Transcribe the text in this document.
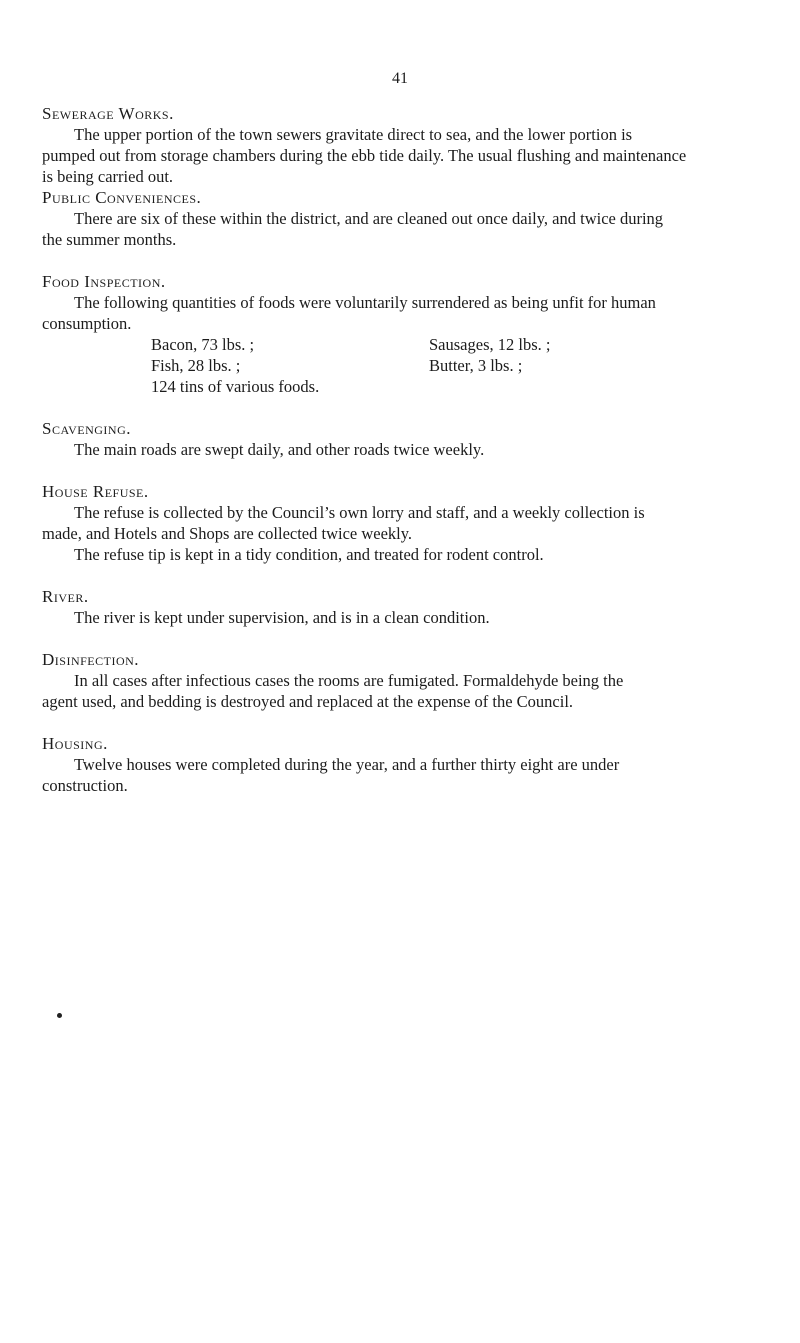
41
Sewerage Works.

The upper portion of the town sewers gravitate direct to sea, and the lower portion is

pumped out from storage chambers during the ebb tide daily. The usual flushing and maintenance

is being carried out.

Public Conveniences.

There are six of these within the district, and are cleaned out once daily, and twice during

the summer months.

Food Inspection.

The following quantities of foods were voluntarily surrendered as being unfit for human

consumption.

Bacon, 73 lbs. ;	Sausages, 12 lbs. ;
Fish, 28 lbs. ;	Butter, 3 lbs. ;
124 tins of various foods.
Scavenging.

The main roads are swept daily, and other roads twice weekly.

House Refuse.

The refuse is collected by the Council’s own lorry and staff, and a weekly collection is

made, and Hotels and Shops are collected twice weekly.

The refuse tip is kept in a tidy condition, and treated for rodent control.

River.

The river is kept under supervision, and is in a clean condition.

Disinfection.

In all cases after infectious cases the rooms are fumigated. Formaldehyde being the

agent used, and bedding is destroyed and replaced at the expense of the Council.

Housing.

Twelve houses were completed during the year, and a further thirty eight are under

construction.
